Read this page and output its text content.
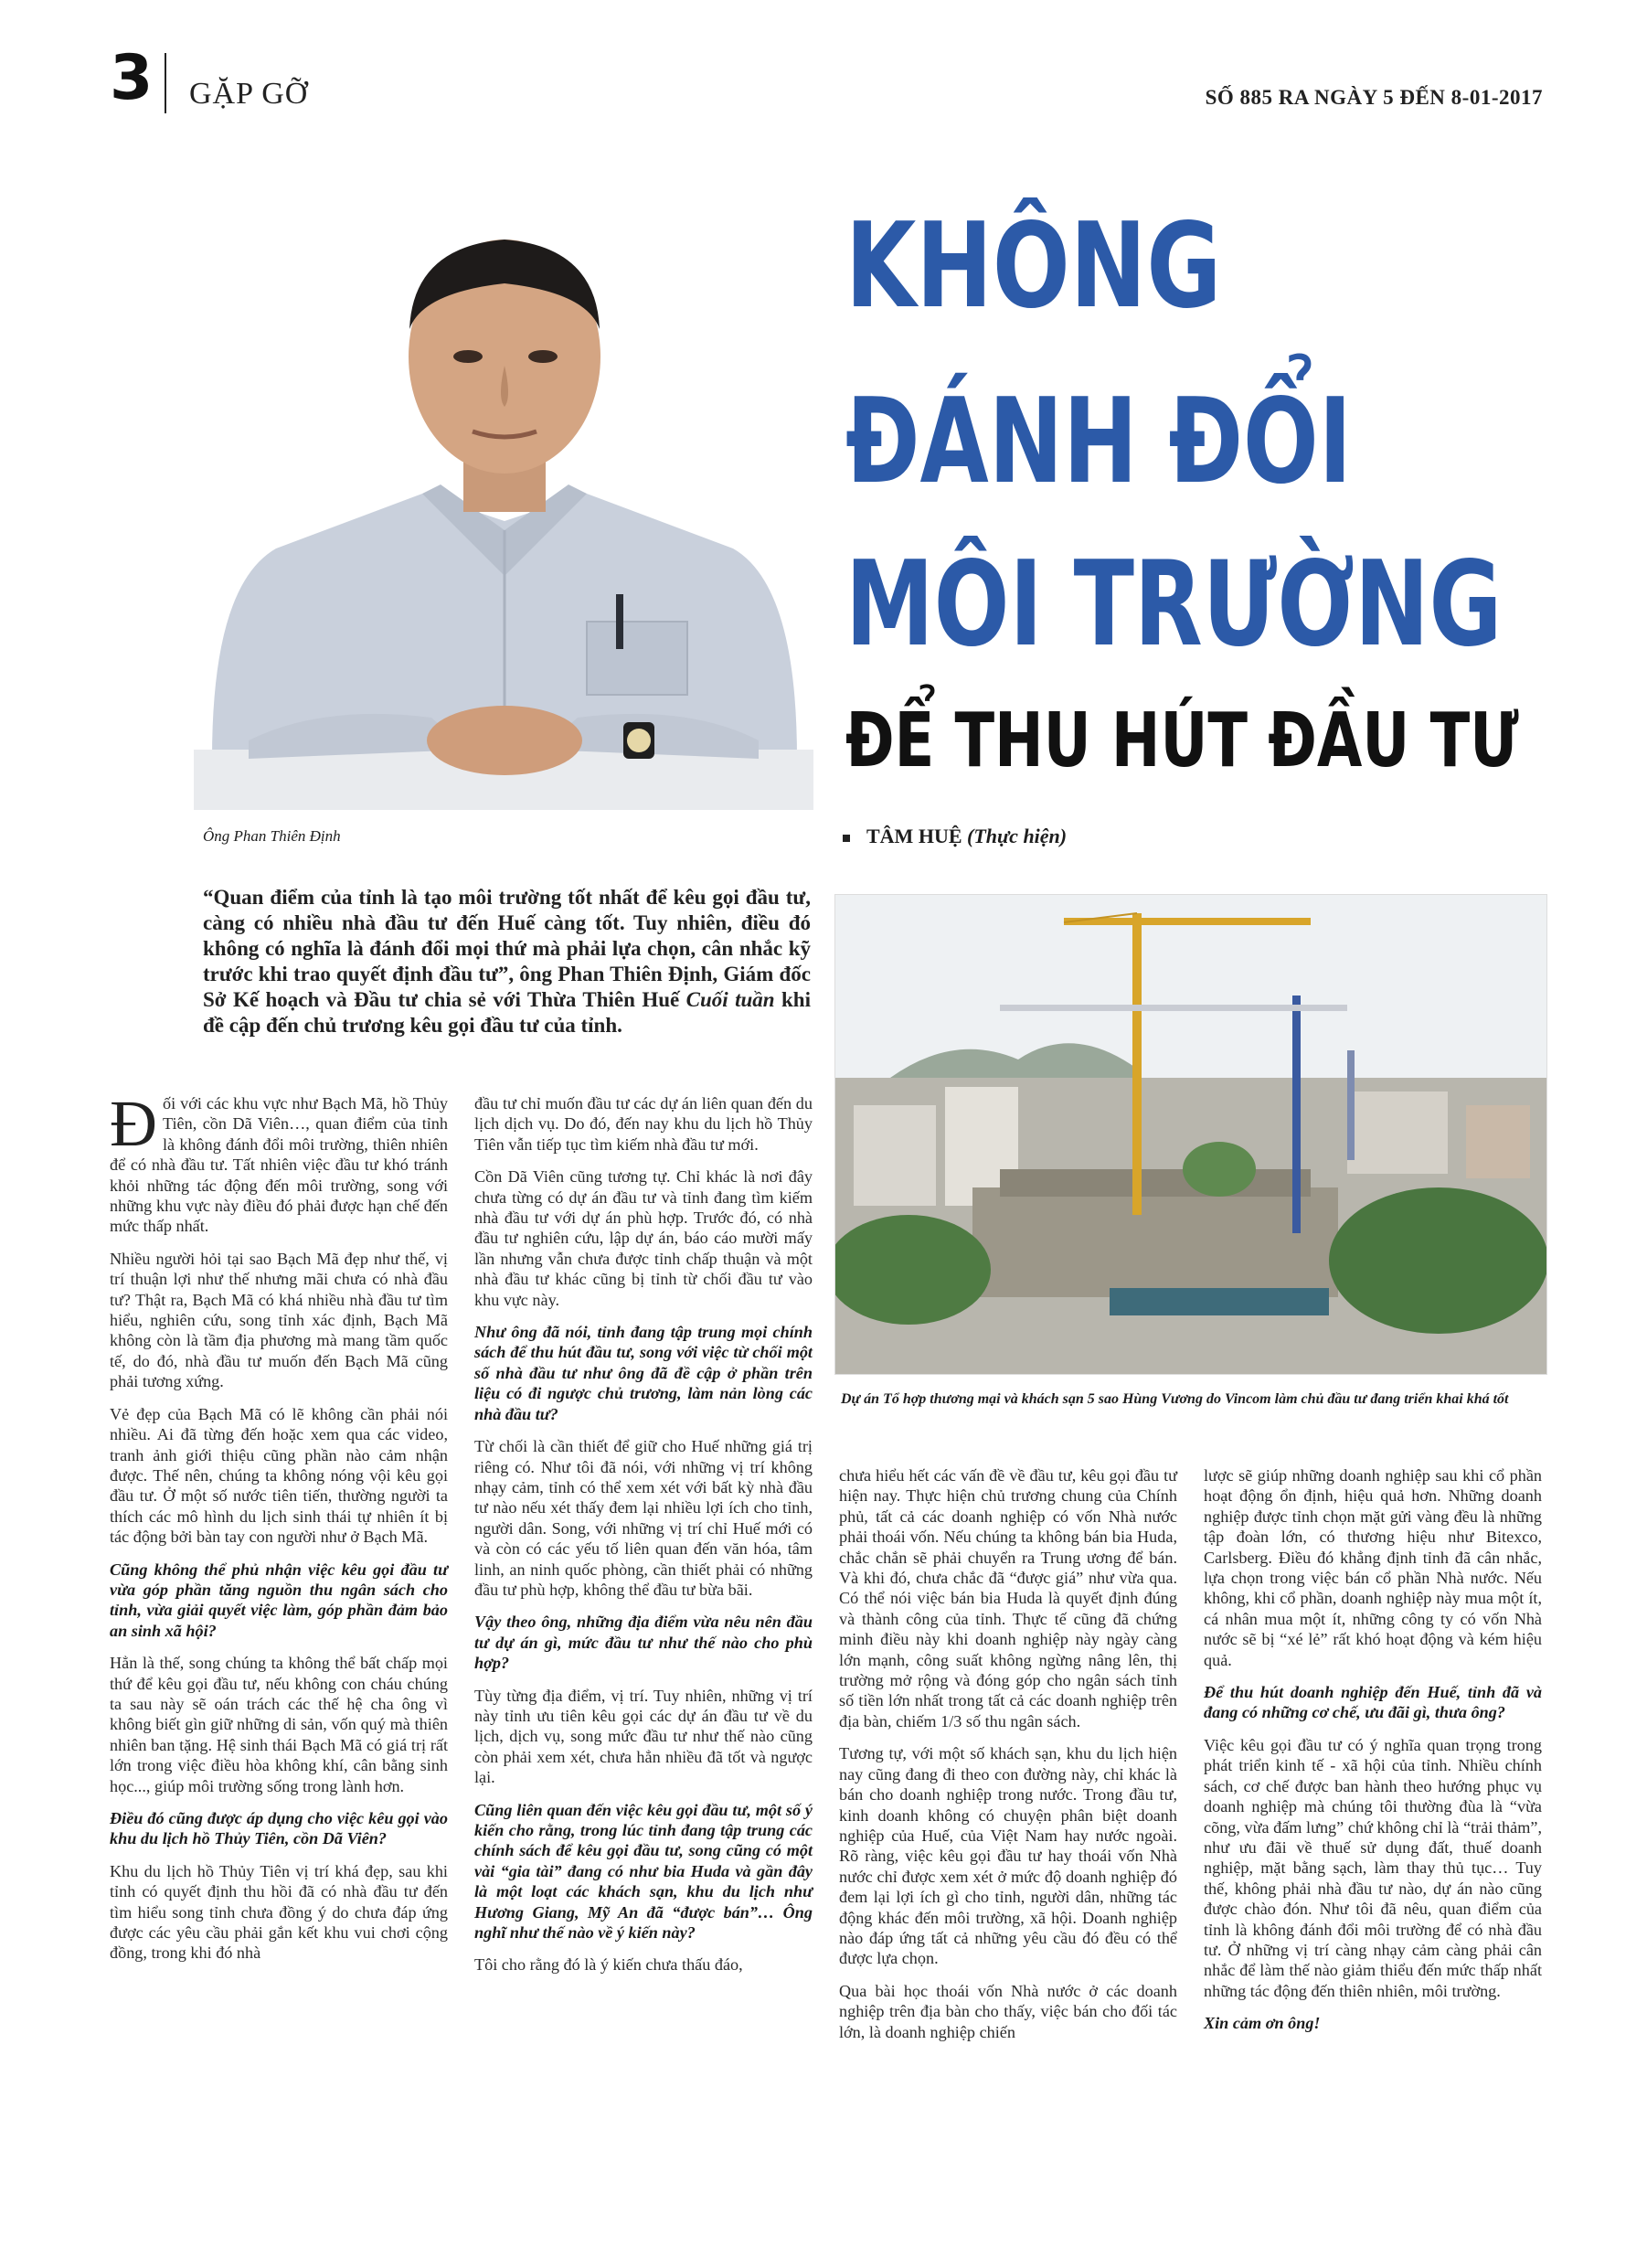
3 GẶP GỠ	SỐ 885 RA NGÀY 5 ĐẾN 8-01-2017
Ông Phan Thiên Định
KHÔNG
ĐÁNH ĐỔI
MÔI TRƯỜNG
ĐỂ THU HÚT ĐẦU TƯ
TÂM HUỆ (Thực hiện)
“Quan điểm của tỉnh là tạo môi trường tốt nhất để kêu gọi đầu tư, càng có nhiều nhà đầu tư đến Huế càng tốt. Tuy nhiên, điều đó không có nghĩa là đánh đổi mọi thứ mà phải lựa chọn, cân nhắc kỹ trước khi trao quyết định đầu tư”, ông Phan Thiên Định, Giám đốc Sở Kế hoạch và Đầu tư chia sẻ với Thừa Thiên Huế Cuối tuần khi đề cập đến chủ trương kêu gọi đầu tư của tỉnh.
Dự án Tổ hợp thương mại và khách sạn 5 sao Hùng Vương do Vincom làm chủ đầu tư đang triển khai khá tốt

Đối với các khu vực như Bạch Mã, hồ Thủy Tiên, cồn Dã Viên…, quan điểm của tỉnh là không đánh đổi môi trường, thiên nhiên để có nhà đầu tư. Tất nhiên việc đầu tư khó tránh khỏi những tác động đến môi trường, song với những khu vực này điều đó phải được hạn chế đến mức thấp nhất.

Nhiều người hỏi tại sao Bạch Mã đẹp như thế, vị trí thuận lợi như thế nhưng mãi chưa có nhà đầu tư? Thật ra, Bạch Mã có khá nhiều nhà đầu tư tìm hiểu, nghiên cứu, song tỉnh xác định, Bạch Mã không còn là tầm địa phương mà mang tầm quốc tế, do đó, nhà đầu tư muốn đến Bạch Mã cũng phải tương xứng.

Vẻ đẹp của Bạch Mã có lẽ không cần phải nói nhiều. Ai đã từng đến hoặc xem qua các video, tranh ảnh giới thiệu cũng phần nào cảm nhận được. Thế nên, chúng ta không nóng vội kêu gọi đầu tư. Ở một số nước tiên tiến, thường người ta thích các mô hình du lịch sinh thái tự nhiên ít bị tác động bởi bàn tay con người như ở Bạch Mã.

Cũng không thể phủ nhận việc kêu gọi đầu tư vừa góp phần tăng nguồn thu ngân sách cho tỉnh, vừa giải quyết việc làm, góp phần đảm bảo an sinh xã hội?

Hẳn là thế, song chúng ta không thể bất chấp mọi thứ để kêu gọi đầu tư, nếu không con cháu chúng ta sau này sẽ oán trách các thế hệ cha ông vì không biết gìn giữ những di sản, vốn quý mà thiên nhiên ban tặng. Hệ sinh thái Bạch Mã có giá trị rất lớn trong việc điều hòa không khí, cân bằng sinh học..., giúp môi trường sống trong lành hơn.

Điều đó cũng được áp dụng cho việc kêu gọi vào khu du lịch hồ Thủy Tiên, cồn Dã Viên?

Khu du lịch hồ Thủy Tiên vị trí khá đẹp, sau khi tỉnh có quyết định thu hồi đã có nhà đầu tư đến tìm hiểu song tỉnh chưa đồng ý do chưa đáp ứng được các yêu cầu phải gắn kết khu vui chơi cộng đồng, trong khi đó nhà

đầu tư chỉ muốn đầu tư các dự án liên quan đến du lịch dịch vụ. Do đó, đến nay khu du lịch hồ Thủy Tiên vẫn tiếp tục tìm kiếm nhà đầu tư mới.

Cồn Dã Viên cũng tương tự. Chỉ khác là nơi đây chưa từng có dự án đầu tư và tỉnh đang tìm kiếm nhà đầu tư với dự án phù hợp. Trước đó, có nhà đầu tư nghiên cứu, lập dự án, báo cáo mười mấy lần nhưng vẫn chưa được tỉnh chấp thuận và một nhà đầu tư khác cũng bị tỉnh từ chối đầu tư vào khu vực này.

Như ông đã nói, tỉnh đang tập trung mọi chính sách để thu hút đầu tư, song với việc từ chối một số nhà đầu tư như ông đã đề cập ở phần trên liệu có đi ngược chủ trương, làm nản lòng các nhà đầu tư?

Từ chối là cần thiết để giữ cho Huế những giá trị riêng có. Như tôi đã nói, với những vị trí không nhạy cảm, tỉnh có thể xem xét với bất kỳ nhà đầu tư nào nếu xét thấy đem lại nhiều lợi ích cho tỉnh, người dân. Song, với những vị trí chỉ Huế mới có và còn có các yếu tố liên quan đến văn hóa, tâm linh, an ninh quốc phòng, cần thiết phải có những đầu tư phù hợp, không thể đầu tư bừa bãi.

Vậy theo ông, những địa điểm vừa nêu nên đầu tư dự án gì, mức đầu tư như thế nào cho phù hợp?

Tùy từng địa điểm, vị trí. Tuy nhiên, những vị trí này tỉnh ưu tiên kêu gọi các dự án đầu tư về du lịch, dịch vụ, song mức đầu tư như thế nào cũng còn phải xem xét, chưa hẳn nhiều đã tốt và ngược lại.

Cũng liên quan đến việc kêu gọi đầu tư, một số ý kiến cho rằng, trong lúc tỉnh đang tập trung các chính sách để kêu gọi đầu tư, song cũng có một vài “gia tài” đang có như bia Huda và gần đây là một loạt các khách sạn, khu du lịch như Hương Giang, Mỹ An đã “được bán”… Ông nghĩ như thế nào về ý kiến này?

Tôi cho rằng đó là ý kiến chưa thấu đáo,

chưa hiểu hết các vấn đề về đầu tư, kêu gọi đầu tư hiện nay. Thực hiện chủ trương chung của Chính phủ, tất cả các doanh nghiệp có vốn Nhà nước phải thoái vốn. Nếu chúng ta không bán bia Huda, chắc chắn sẽ phải chuyển ra Trung ương để bán. Và khi đó, chưa chắc đã “được giá” như vừa qua. Có thể nói việc bán bia Huda là quyết định đúng và thành công của tỉnh. Thực tế cũng đã chứng minh điều này khi doanh nghiệp này ngày càng lớn mạnh, công suất không ngừng nâng lên, thị trường mở rộng và đóng góp cho ngân sách tỉnh số tiền lớn nhất trong tất cả các doanh nghiệp trên địa bàn, chiếm 1/3 số thu ngân sách.

Tương tự, với một số khách sạn, khu du lịch hiện nay cũng đang đi theo con đường này, chỉ khác là bán cho doanh nghiệp trong nước. Trong đầu tư, kinh doanh không có chuyện phân biệt doanh nghiệp của Huế, của Việt Nam hay nước ngoài. Rõ ràng, việc kêu gọi đầu tư hay thoái vốn Nhà nước chỉ được xem xét ở mức độ doanh nghiệp đó đem lại lợi ích gì cho tỉnh, người dân, những tác động khác đến môi trường, xã hội. Doanh nghiệp nào đáp ứng tất cả những yêu cầu đó đều có thể được lựa chọn.

Qua bài học thoái vốn Nhà nước ở các doanh nghiệp trên địa bàn cho thấy, việc bán cho đối tác lớn, là doanh nghiệp chiến

lược sẽ giúp những doanh nghiệp sau khi cổ phần hoạt động ổn định, hiệu quả hơn. Những doanh nghiệp được tỉnh chọn mặt gửi vàng đều là những tập đoàn lớn, có thương hiệu như Bitexco, Carlsberg. Điều đó khẳng định tỉnh đã cân nhắc, lựa chọn trong việc bán cổ phần Nhà nước. Nếu không, khi cổ phần, doanh nghiệp này mua một ít, cá nhân mua một ít, những công ty có vốn Nhà nước sẽ bị “xé lẻ” rất khó hoạt động và kém hiệu quả.

Để thu hút doanh nghiệp đến Huế, tỉnh đã và đang có những cơ chế, ưu đãi gì, thưa ông?

Việc kêu gọi đầu tư có ý nghĩa quan trọng trong phát triển kinh tế - xã hội của tỉnh. Nhiều chính sách, cơ chế được ban hành theo hướng phục vụ doanh nghiệp mà chúng tôi thường đùa là “vừa cõng, vừa đấm lưng” chứ không chỉ là “trải thảm”, như ưu đãi về thuế sử dụng đất, thuế doanh nghiệp, mặt bằng sạch, làm thay thủ tục… Tuy thế, không phải nhà đầu tư nào, dự án nào cũng được chào đón. Như tôi đã nêu, quan điểm của tỉnh là không đánh đổi môi trường để có nhà đầu tư. Ở những vị trí càng nhạy cảm càng phải cân nhắc để làm thế nào giảm thiểu đến mức thấp nhất những tác động đến thiên nhiên, môi trường.

Xin cảm ơn ông!
